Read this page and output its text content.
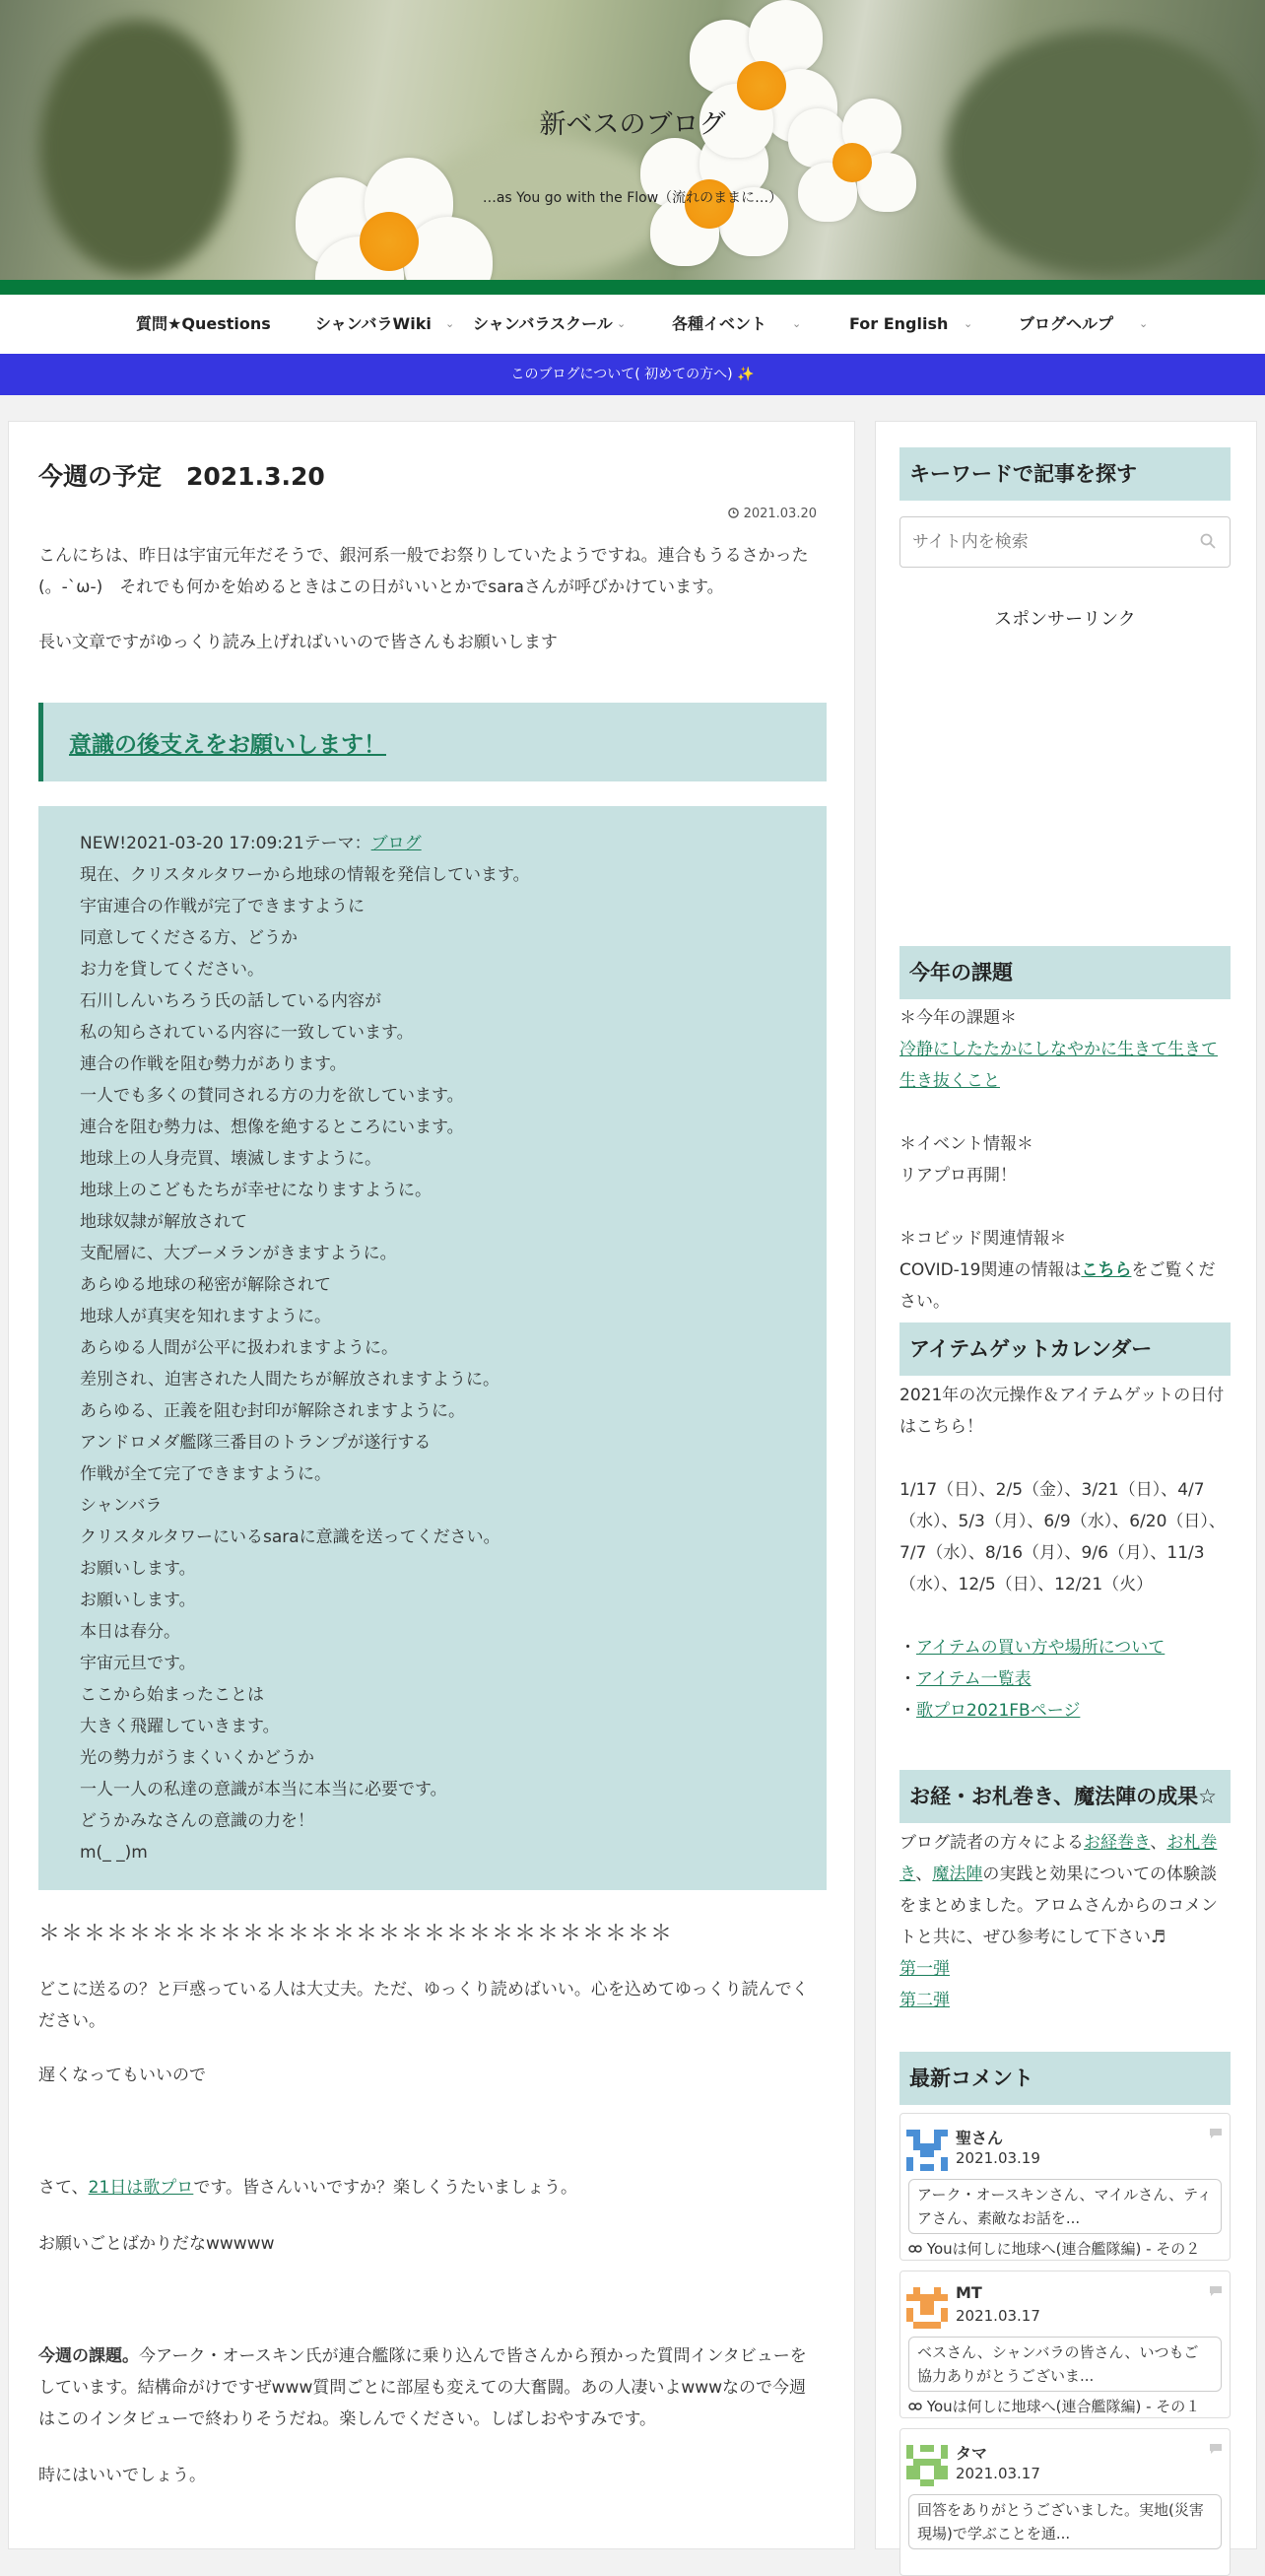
新ベスのブログ
…as You go with the Flow（流れのままに…）
質問★Questions	シャンバラWiki ⌄ シャンバラスクール ⌄	各種イベント ⌄	For English ⌄	ブログヘルプ ⌄
このブログについて( 初めての方へ) ✨
今週の予定　2021.3.20
2021.03.20
こんにちは、昨日は宇宙元年だそうで、銀河系一般でお祭りしていたようですね。連合もうるさかった(。-`ω-)　それでも何かを始めるときはこの日がいいとかでsaraさんが呼びかけています。
長い文章ですがゆっくり読み上げればいいので皆さんもお願いします
意識の後支えをお願いします！
NEW!2021-03-20 17:09:21テーマ：ブログ
現在、クリスタルタワーから地球の情報を発信しています。
宇宙連合の作戦が完了できますように
同意してくださる方、どうか
お力を貸してください。
石川しんいちろう氏の話している内容が
私の知らされている内容に一致しています。
連合の作戦を阻む勢力があります。
一人でも多くの賛同される方の力を欲しています。
連合を阻む勢力は、想像を絶するところにいます。
地球上の人身売買、壊滅しますように。
地球上のこどもたちが幸せになりますように。
地球奴隷が解放されて
支配層に、大ブーメランがきますように。
あらゆる地球の秘密が解除されて
地球人が真実を知れますように。
あらゆる人間が公平に扱われますように。
差別され、迫害された人間たちが解放されますように。
あらゆる、正義を阻む封印が解除されますように。
アンドロメダ艦隊三番目のトランプが遂行する
作戦が全て完了できますように。
シャンバラ
クリスタルタワーにいるsaraに意識を送ってください。
お願いします。
お願いします。
本日は春分。
宇宙元旦です。
ここから始まったことは
大きく飛躍していきます。
光の勢力がうまくいくかどうか
一人一人の私達の意識が本当に本当に必要です。
どうかみなさんの意識の力を！
m(_ _)m
＊＊＊＊＊＊＊＊＊＊＊＊＊＊＊＊＊＊＊＊＊＊＊＊＊＊＊＊
どこに送るの？と戸惑っている人は大丈夫。ただ、ゆっくり読めばいい。心を込めてゆっくり読んでください。
遅くなってもいいので
さて、21日は歌プロです。皆さんいいですか？楽しくうたいましょう。
お願いごとばかりだなwwwww
今週の課題。今アーク・オースキン氏が連合艦隊に乗り込んで皆さんから預かった質問インタビューをしています。結構命がけですぜwww質問ごとに部屋も変えての大奮闘。あの人凄いよwwwなので今週はこのインタビューで終わりそうだね。楽しんでください。しばしおやすみです。
時にはいいでしょう。
キーワードで記事を探す
サイト内を検索
スポンサーリンク
今年の課題
＊今年の課題＊
冷静にしたたかにしなやかに生きて生きて生き抜くこと
＊イベント情報＊
リアプロ再開！
＊コビッド関連情報＊
COVID-19関連の情報はこちらをご覧ください。
アイテムゲットカレンダー
2021年の次元操作＆アイテムゲットの日付はこちら！
1/17（日）、2/5（金）、3/21（日）、4/7（水）、5/3（月）、6/9（水）、6/20（日）、7/7（水）、8/16（月）、9/6（月）、11/3（水）、12/5（日）、12/21（火）
・アイテムの買い方や場所について
・アイテム一覧表
・歌プロ2021FBページ
お経・お札巻き、魔法陣の成果☆
ブログ読者の方々によるお経巻き、お札巻き、魔法陣の実践と効果についての体験談をまとめました。アロムさんからのコメントと共に、ぜひ参考にして下さい♬
第一弾
第二弾
最新コメント
聖さん
2021.03.19
アーク・オースキンさん、マイルさん、ティアさん、素敵なお話を...
Youは何しに地球へ(連合艦隊編) - その２
MT
2021.03.17
ベスさん、シャンバラの皆さん、いつもご協力ありがとうございま...
Youは何しに地球へ(連合艦隊編) - その１
タマ
2021.03.17
回答をありがとうございました。実地(災害現場)で学ぶことを通...
